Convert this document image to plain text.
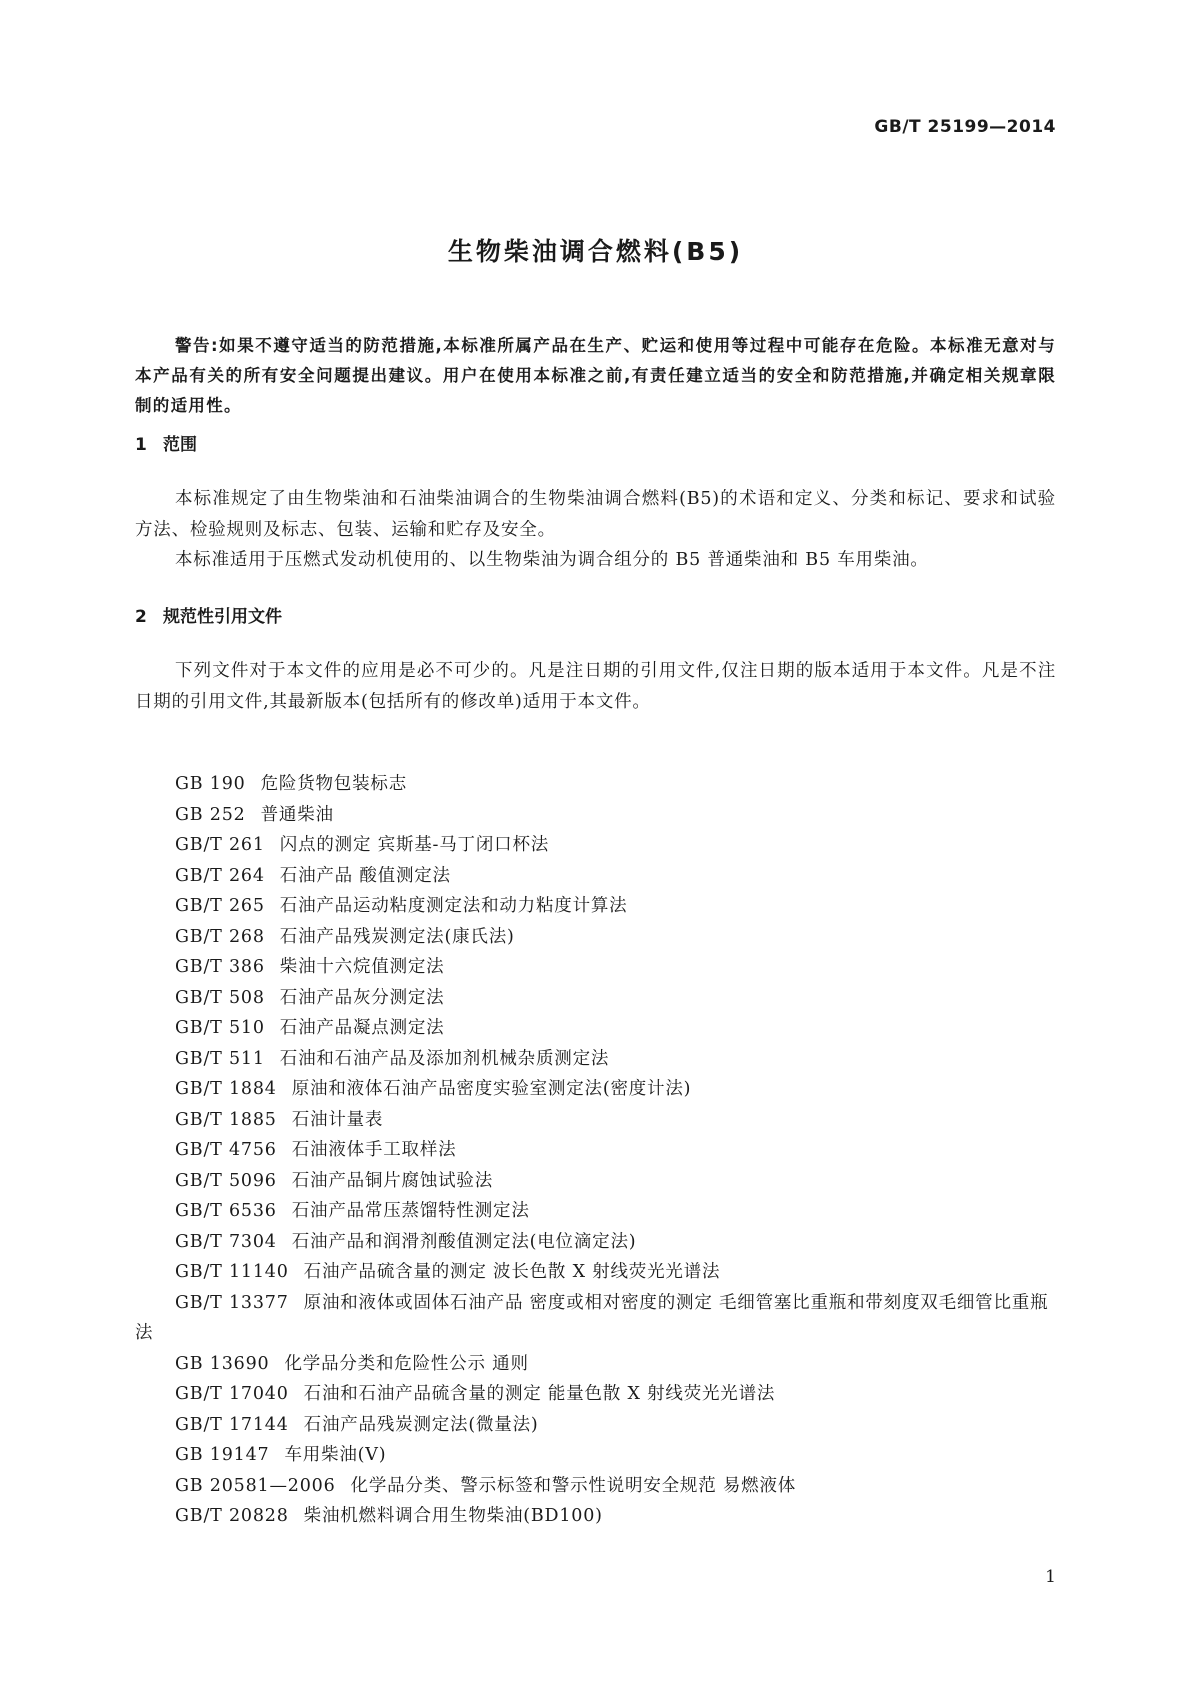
GB/T 25199—2014
生物柴油调合燃料(B5)

警告:如果不遵守适当的防范措施,本标准所属产品在生产、贮运和使用等过程中可能存在危险。本标准无意对与本产品有关的所有安全问题提出建议。用户在使用本标准之前,有责任建立适当的安全和防范措施,并确定相关规章限制的适用性。

1 范围

本标准规定了由生物柴油和石油柴油调合的生物柴油调合燃料(B5)的术语和定义、分类和标记、要求和试验方法、检验规则及标志、包装、运输和贮存及安全。

本标准适用于压燃式发动机使用的、以生物柴油为调合组分的 B5 普通柴油和 B5 车用柴油。

2 规范性引用文件

下列文件对于本文件的应用是必不可少的。凡是注日期的引用文件,仅注日期的版本适用于本文件。凡是不注日期的引用文件,其最新版本(包括所有的修改单)适用于本文件。

GB 190 危险货物包装标志

GB 252 普通柴油

GB/T 261 闪点的测定 宾斯基-马丁闭口杯法

GB/T 264 石油产品 酸值测定法

GB/T 265 石油产品运动粘度测定法和动力粘度计算法

GB/T 268 石油产品残炭测定法(康氏法)

GB/T 386 柴油十六烷值测定法

GB/T 508 石油产品灰分测定法

GB/T 510 石油产品凝点测定法

GB/T 511 石油和石油产品及添加剂机械杂质测定法

GB/T 1884 原油和液体石油产品密度实验室测定法(密度计法)

GB/T 1885 石油计量表

GB/T 4756 石油液体手工取样法

GB/T 5096 石油产品铜片腐蚀试验法

GB/T 6536 石油产品常压蒸馏特性测定法

GB/T 7304 石油产品和润滑剂酸值测定法(电位滴定法)

GB/T 11140 石油产品硫含量的测定 波长色散 X 射线荧光光谱法

GB/T 13377 原油和液体或固体石油产品 密度或相对密度的测定 毛细管塞比重瓶和带刻度双毛细管比重瓶法

GB 13690 化学品分类和危险性公示 通则

GB/T 17040 石油和石油产品硫含量的测定 能量色散 X 射线荧光光谱法

GB/T 17144 石油产品残炭测定法(微量法)

GB 19147 车用柴油(Ⅴ)

GB 20581—2006 化学品分类、警示标签和警示性说明安全规范 易燃液体

GB/T 20828 柴油机燃料调合用生物柴油(BD100)

1
